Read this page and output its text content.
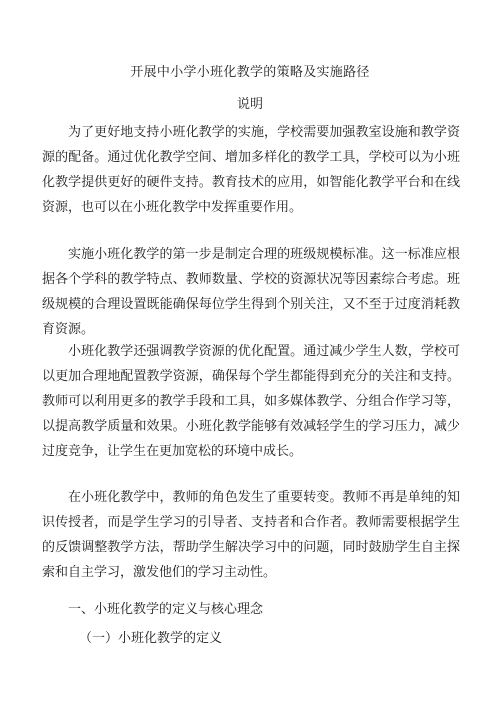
开展中小学小班化教学的策略及实施路径
说明

为了更好地支持小班化教学的实施，学校需要加强教室设施和教学资源的配备。通过优化教学空间、增加多样化的教学工具，学校可以为小班化教学提供更好的硬件支持。教育技术的应用，如智能化教学平台和在线资源，也可以在小班化教学中发挥重要作用。

实施小班化教学的第一步是制定合理的班级规模标准。这一标准应根据各个学科的教学特点、教师数量、学校的资源状况等因素综合考虑。班级规模的合理设置既能确保每位学生得到个别关注，又不至于过度消耗教育资源。

小班化教学还强调教学资源的优化配置。通过减少学生人数，学校可以更加合理地配置教学资源，确保每个学生都能得到充分的关注和支持。教师可以利用更多的教学手段和工具，如多媒体教学、分组合作学习等，以提高教学质量和效果。小班化教学能够有效减轻学生的学习压力，减少过度竞争，让学生在更加宽松的环境中成长。

在小班化教学中，教师的角色发生了重要转变。教师不再是单纯的知识传授者，而是学生学习的引导者、支持者和合作者。教师需要根据学生的反馈调整教学方法，帮助学生解决学习中的问题，同时鼓励学生自主探索和自主学习，激发他们的学习主动性。

一、小班化教学的定义与核心理念
（一）小班化教学的定义
